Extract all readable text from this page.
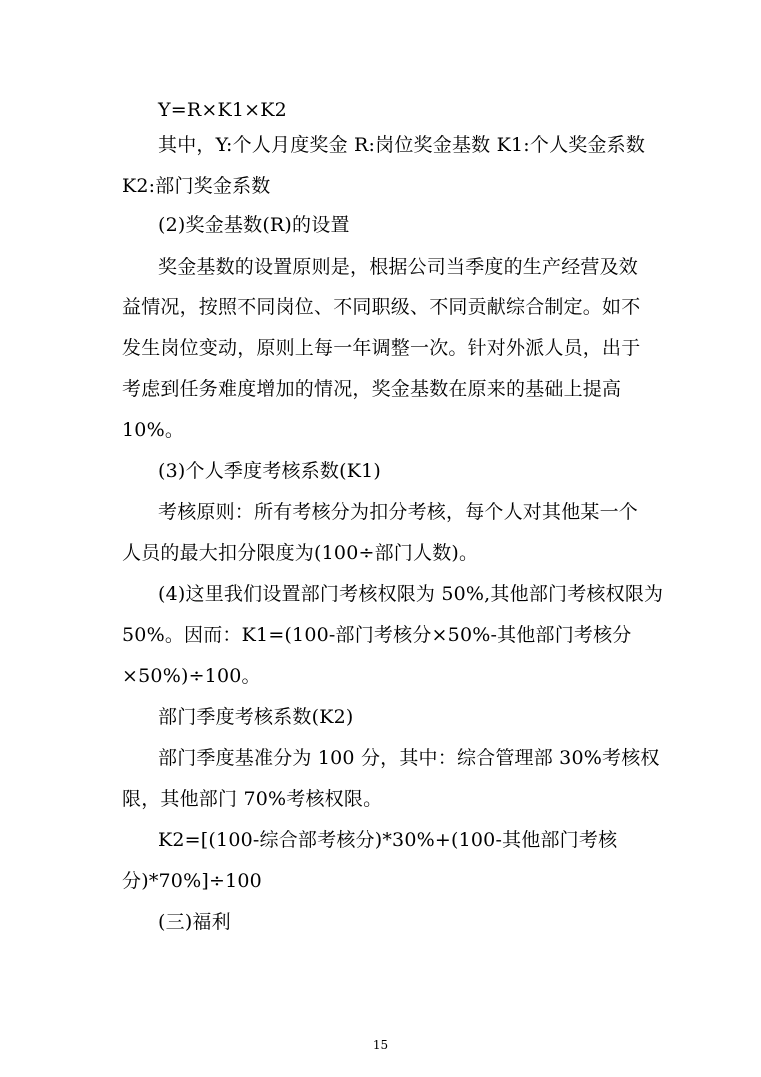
Y=R×K1×K2
其中，Y:个人月度奖金 R:岗位奖金基数 K1:个人奖金系数
K2:部门奖金系数
(2)奖金基数(R)的设置
奖金基数的设置原则是，根据公司当季度的生产经营及效
益情况，按照不同岗位、不同职级、不同贡献综合制定。如不
发生岗位变动，原则上每一年调整一次。针对外派人员，出于
考虑到任务难度增加的情况，奖金基数在原来的基础上提高
10%。
(3)个人季度考核系数(K1)
考核原则：所有考核分为扣分考核，每个人对其他某一个
人员的最大扣分限度为(100÷部门人数)。
(4)这里我们设置部门考核权限为 50%,其他部门考核权限为
50%。因而：K1=(100-部门考核分×50%-其他部门考核分
×50%)÷100。
部门季度考核系数(K2)
部门季度基准分为 100 分，其中：综合管理部 30%考核权
限，其他部门 70%考核权限。
K2=[(100-综合部考核分)*30%+(100-其他部门考核
分)*70%]÷100
(三)福利
15
